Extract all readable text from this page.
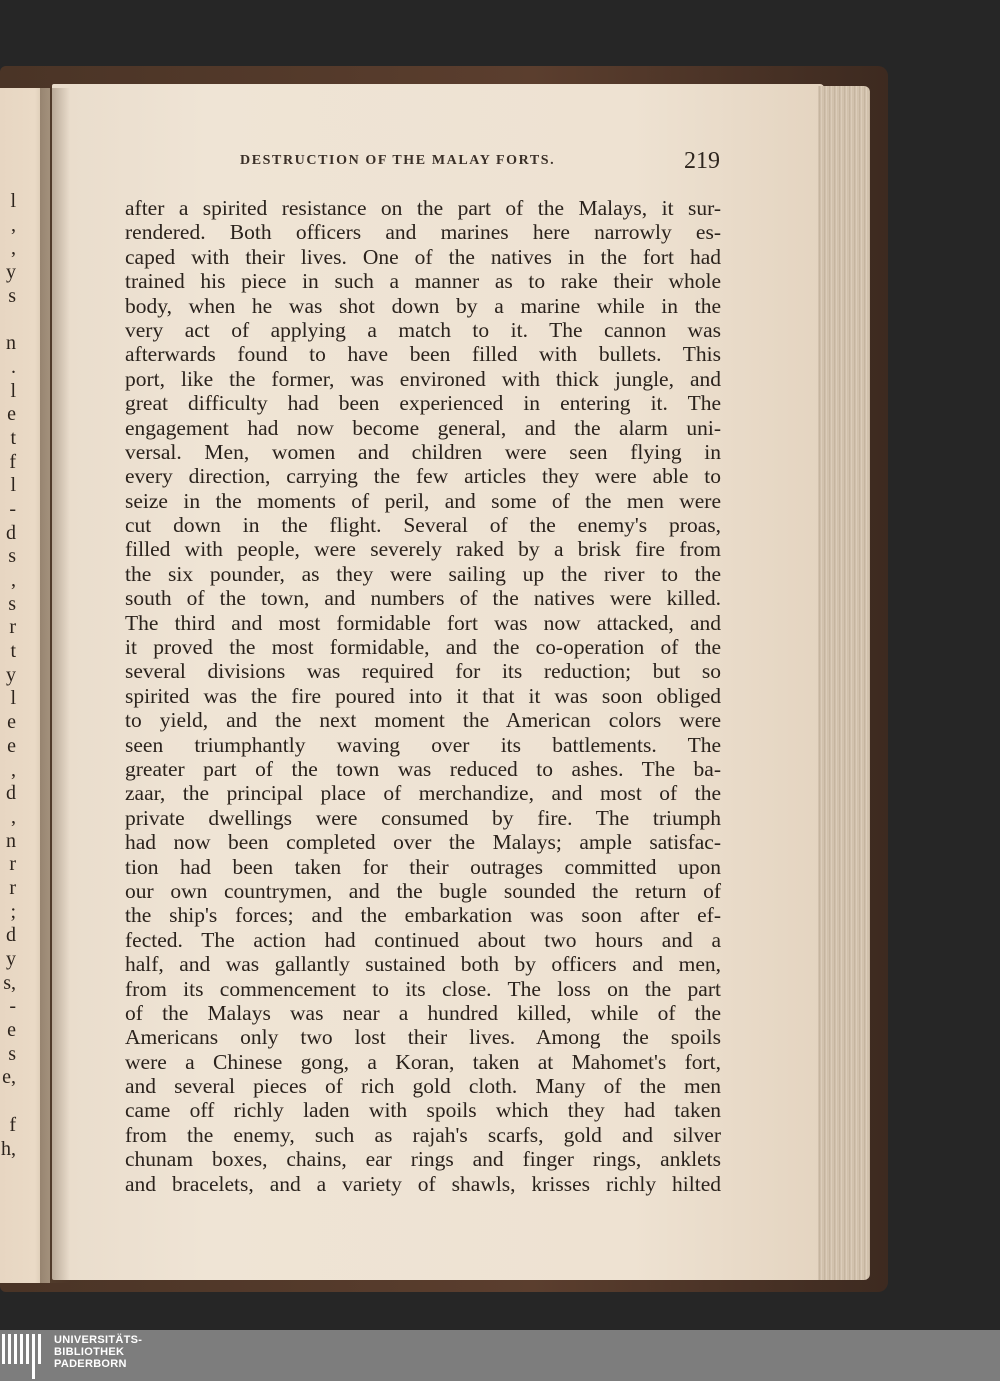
l
,
,
y
s
n
.
l
e
t
f
l
-
d
s
,
s
r
t
y
l
e
e
,
d
,
n
r
r
;
d
y
s,
-
e
s
e,
f
h,
DESTRUCTION OF THE MALAY FORTS.	219
after a spirited resistance on the part of the Malays, it sur-
rendered. Both officers and marines here narrowly es-
caped with their lives. One of the natives in the fort had
trained his piece in such a manner as to rake their whole
body, when he was shot down by a marine while in the
very act of applying a match to it. The cannon was
afterwards found to have been filled with bullets. This
port, like the former, was environed with thick jungle, and
great difficulty had been experienced in entering it. The
engagement had now become general, and the alarm uni-
versal. Men, women and children were seen flying in
every direction, carrying the few articles they were able to
seize in the moments of peril, and some of the men were
cut down in the flight. Several of the enemy's proas,
filled with people, were severely raked by a brisk fire from
the six pounder, as they were sailing up the river to the
south of the town, and numbers of the natives were killed.
The third and most formidable fort was now attacked, and
it proved the most formidable, and the co-operation of the
several divisions was required for its reduction; but so
spirited was the fire poured into it that it was soon obliged
to yield, and the next moment the American colors were
seen triumphantly waving over its battlements. The
greater part of the town was reduced to ashes. The ba-
zaar, the principal place of merchandize, and most of the
private dwellings were consumed by fire. The triumph
had now been completed over the Malays; ample satisfac-
tion had been taken for their outrages committed upon
our own countrymen, and the bugle sounded the return of
the ship's forces; and the embarkation was soon after ef-
fected. The action had continued about two hours and a
half, and was gallantly sustained both by officers and men,
from its commencement to its close. The loss on the part
of the Malays was near a hundred killed, while of the
Americans only two lost their lives. Among the spoils
were a Chinese gong, a Koran, taken at Mahomet's fort,
and several pieces of rich gold cloth. Many of the men
came off richly laden with spoils which they had taken
from the enemy, such as rajah's scarfs, gold and silver
chunam boxes, chains, ear rings and finger rings, anklets
and bracelets, and a variety of shawls, krisses richly hilted
UNIVERSITÄTS-
BIBLIOTHEK
PADERBORN
